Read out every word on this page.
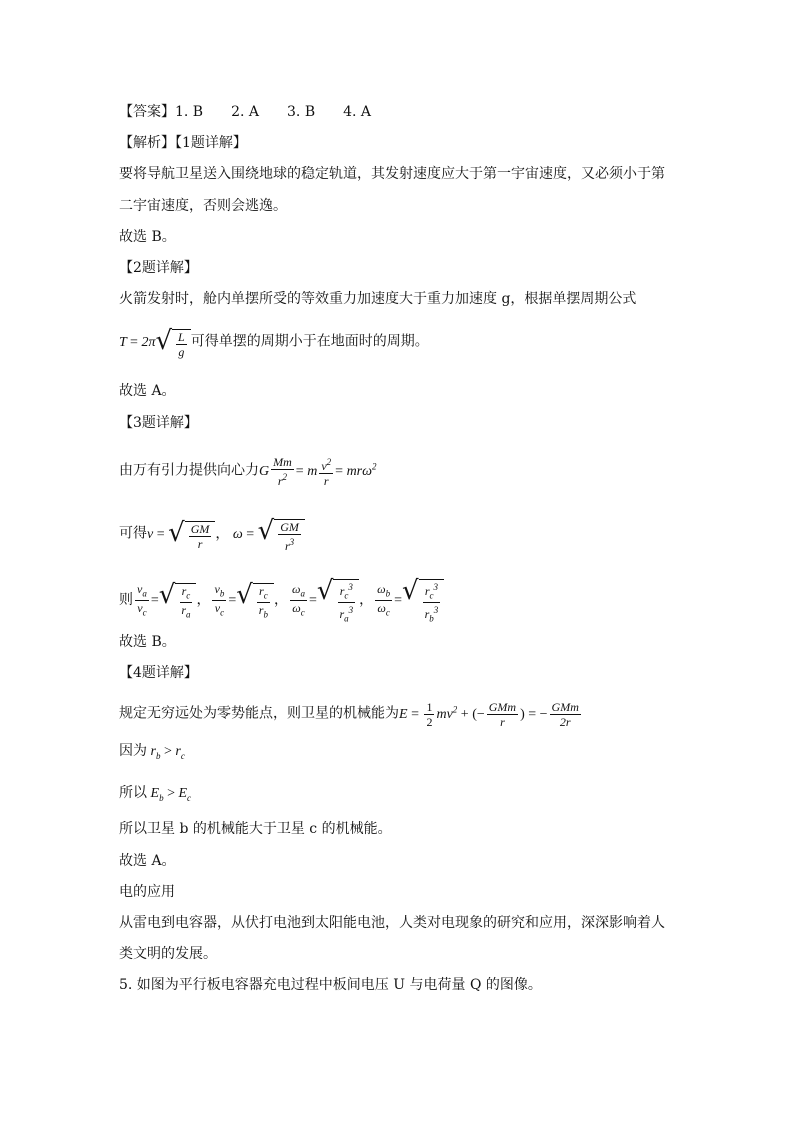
【答案】1. B　　2. A　　3. B　　4. A
【解析】【1题详解】
要将导航卫星送入围绕地球的稳定轨道，其发射速度应大于第一宇宙速度，又必须小于第
二宇宙速度，否则会逃逸。
故选 B。
【2题详解】
火箭发射时，舱内单摆所受的等效重力加速度大于重力加速度 g，根据单摆周期公式
T = 2π √ $\frac{L}{g}$ 可得单摆的周期小于在地面时的周期。
故选 A。
【3题详解】
由万有引力提供向心力G $\frac{Mm}{r^2} = m \frac{v^2}{r} = mr\omega^2$
可得v = √ $\frac{GM}{r}$ ， ω = √ $\frac{GM}{r^3}$
则 $\frac{v_a}{v_c}$ = √ $\frac{r_c}{r_a}$ ， $\frac{v_b}{v_c}$ = √ $\frac{r_c}{r_b}$ ， $\frac{\omega_a}{\omega_c}$ = √ $\frac{r_c^3}{r_a^3}$ ， $\frac{\omega_b}{\omega_c}$ = √ $\frac{r_c^3}{r_b^3}$
故选 B。
【4题详解】
规定无穷远处为零势能点，则卫星的机械能为$E = \frac{1}{2} mv^2$ + (− $\frac{\text{GMm}}{r}$ ) = − $\frac{\text{GMm}}{2r}$
因为 $r_b > r_c$
所以 $E_b > E_c$
所以卫星 b 的机械能大于卫星 c 的机械能。
故选 A。
电的应用
从雷电到电容器，从伏打电池到太阳能电池，人类对电现象的研究和应用，深深影响着人
类文明的发展。
5. 如图为平行板电容器充电过程中板间电压 U 与电荷量 Q 的图像。
